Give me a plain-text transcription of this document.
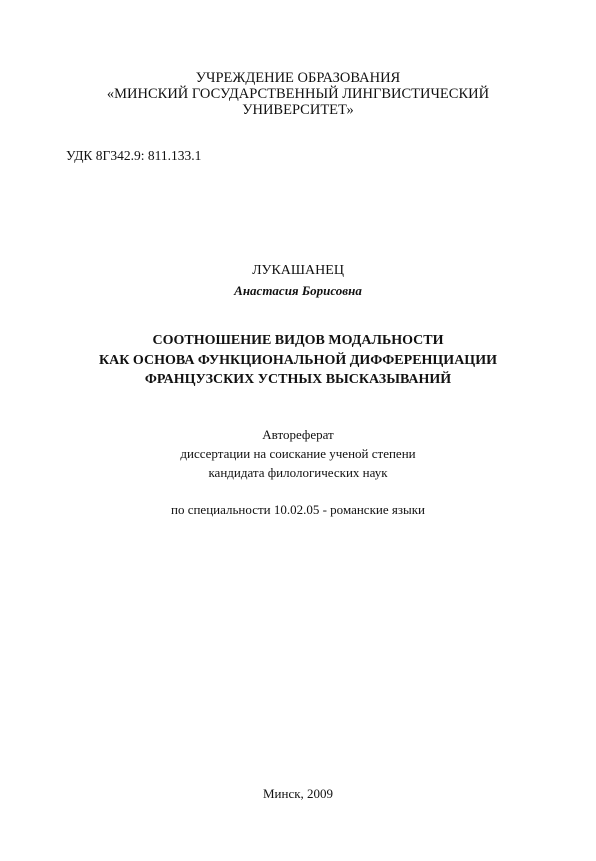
УЧРЕЖДЕНИЕ ОБРАЗОВАНИЯ
«МИНСКИЙ ГОСУДАРСТВЕННЫЙ ЛИНГВИСТИЧЕСКИЙ
УНИВЕРСИТЕТ»
УДК 8Г342.9: 811.133.1
ЛУКАШАНЕЦ
Анастасия Борисовна
СООТНОШЕНИЕ ВИДОВ МОДАЛЬНОСТИ
КАК ОСНОВА ФУНКЦИОНАЛЬНОЙ ДИФФЕРЕНЦИАЦИИ
ФРАНЦУЗСКИХ УСТНЫХ ВЫСКАЗЫВАНИЙ
Автореферат
диссертации на соискание ученой степени
кандидата филологических наук
по специальности 10.02.05 - романские языки
Минск, 2009
